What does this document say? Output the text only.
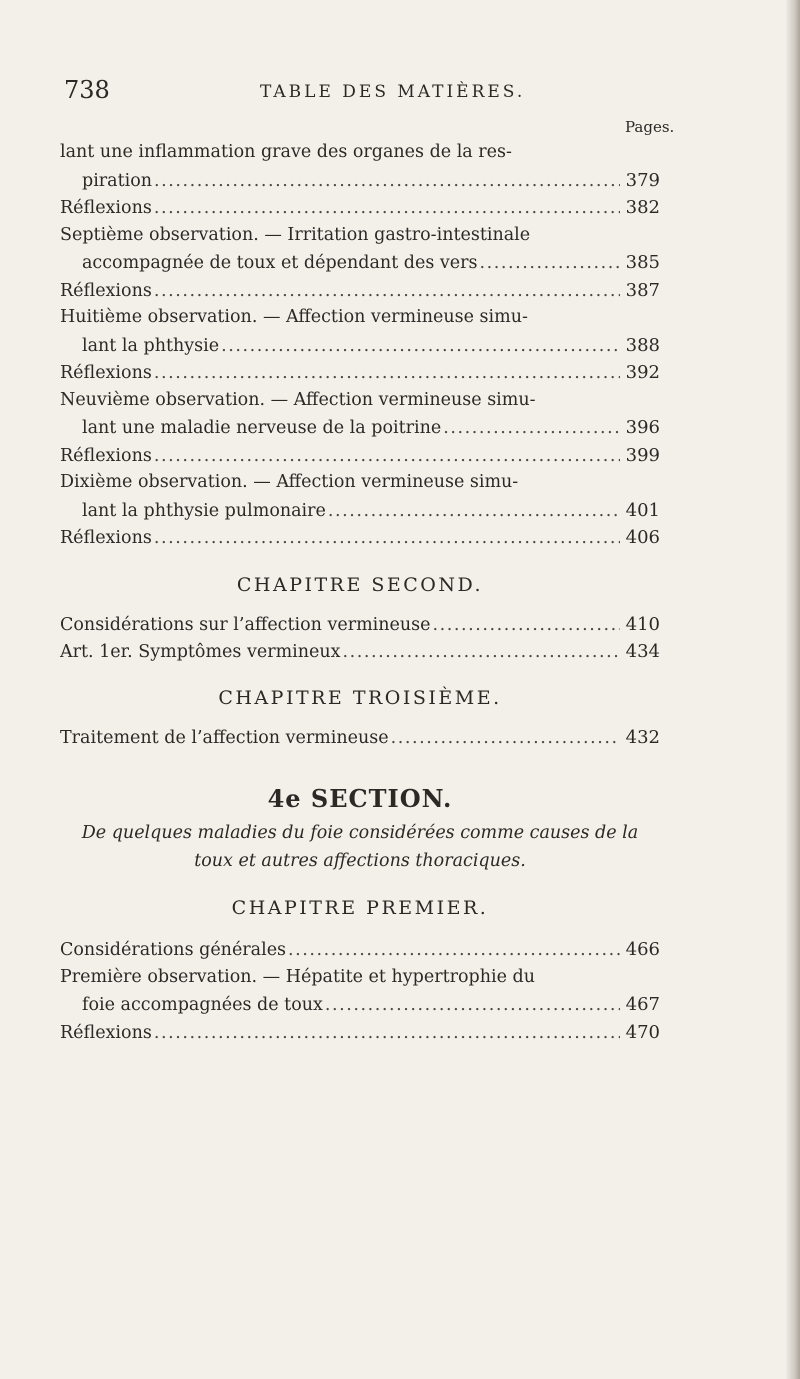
738	TABLE DES MATIÈRES.
Pages.
lant une inflammation grave des organes de la res-
piration . . .	379
Réflexions . . .	382
Septième observation. — Irritation gastro-intestinale
accompagnée de toux et dépendant des vers . . .	385
Réflexions . . .	387
Huitième observation. — Affection vermineuse simu-
lant la phthysie . . .	388
Réflexions . . .	392
Neuvième observation. — Affection vermineuse simu-
lant une maladie nerveuse de la poitrine . . .	396
Réflexions . . .	399
Dixième observation. — Affection vermineuse simu-
lant la phthysie pulmonaire . . .	401
Réflexions . . .	406
CHAPITRE SECOND.
Considérations sur l’affection vermineuse . . .	410
Art. 1er. Symptômes vermineux . . .	434
CHAPITRE TROISIÈME.
Traitement de l’affection vermineuse . . .	432
4e SECTION.
De quelques maladies du foie considérées comme causes de la toux et autres affections thoraciques.
CHAPITRE PREMIER.
Considérations générales . . .	466
Première observation. — Hépatite et hypertrophie du
foie accompagnées de toux . . .	467
Réflexions . . .	470
